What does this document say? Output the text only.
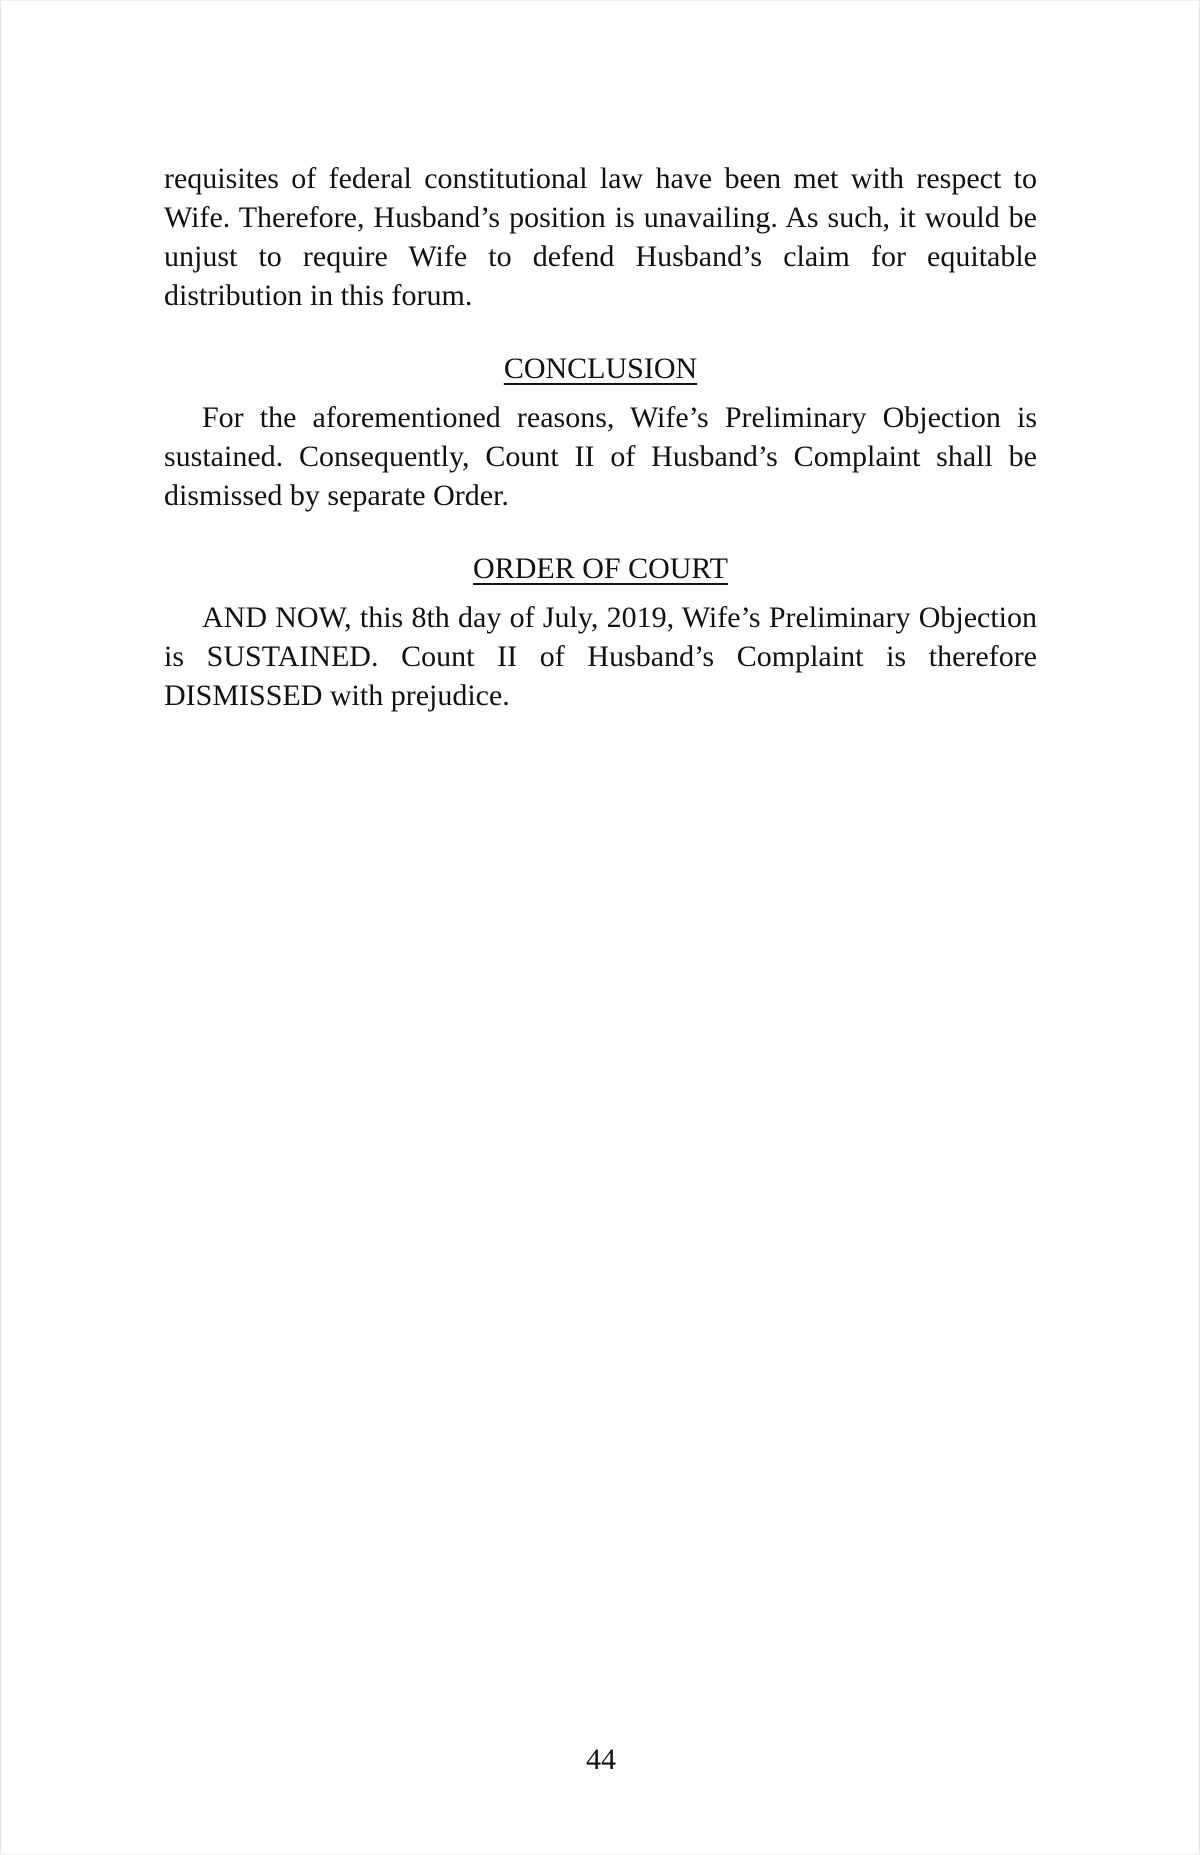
requisites of federal constitutional law have been met with respect to Wife. Therefore, Husband’s position is unavailing. As such, it would be unjust to require Wife to defend Husband’s claim for equitable distribution in this forum.

CONCLUSION

For the aforementioned reasons, Wife’s Preliminary Objection is sustained. Consequently, Count II of Husband’s Complaint shall be dismissed by separate Order.

ORDER OF COURT

AND NOW, this 8th day of July, 2019, Wife’s Preliminary Objection is SUSTAINED. Count II of Husband’s Complaint is therefore DISMISSED with prejudice.

44
